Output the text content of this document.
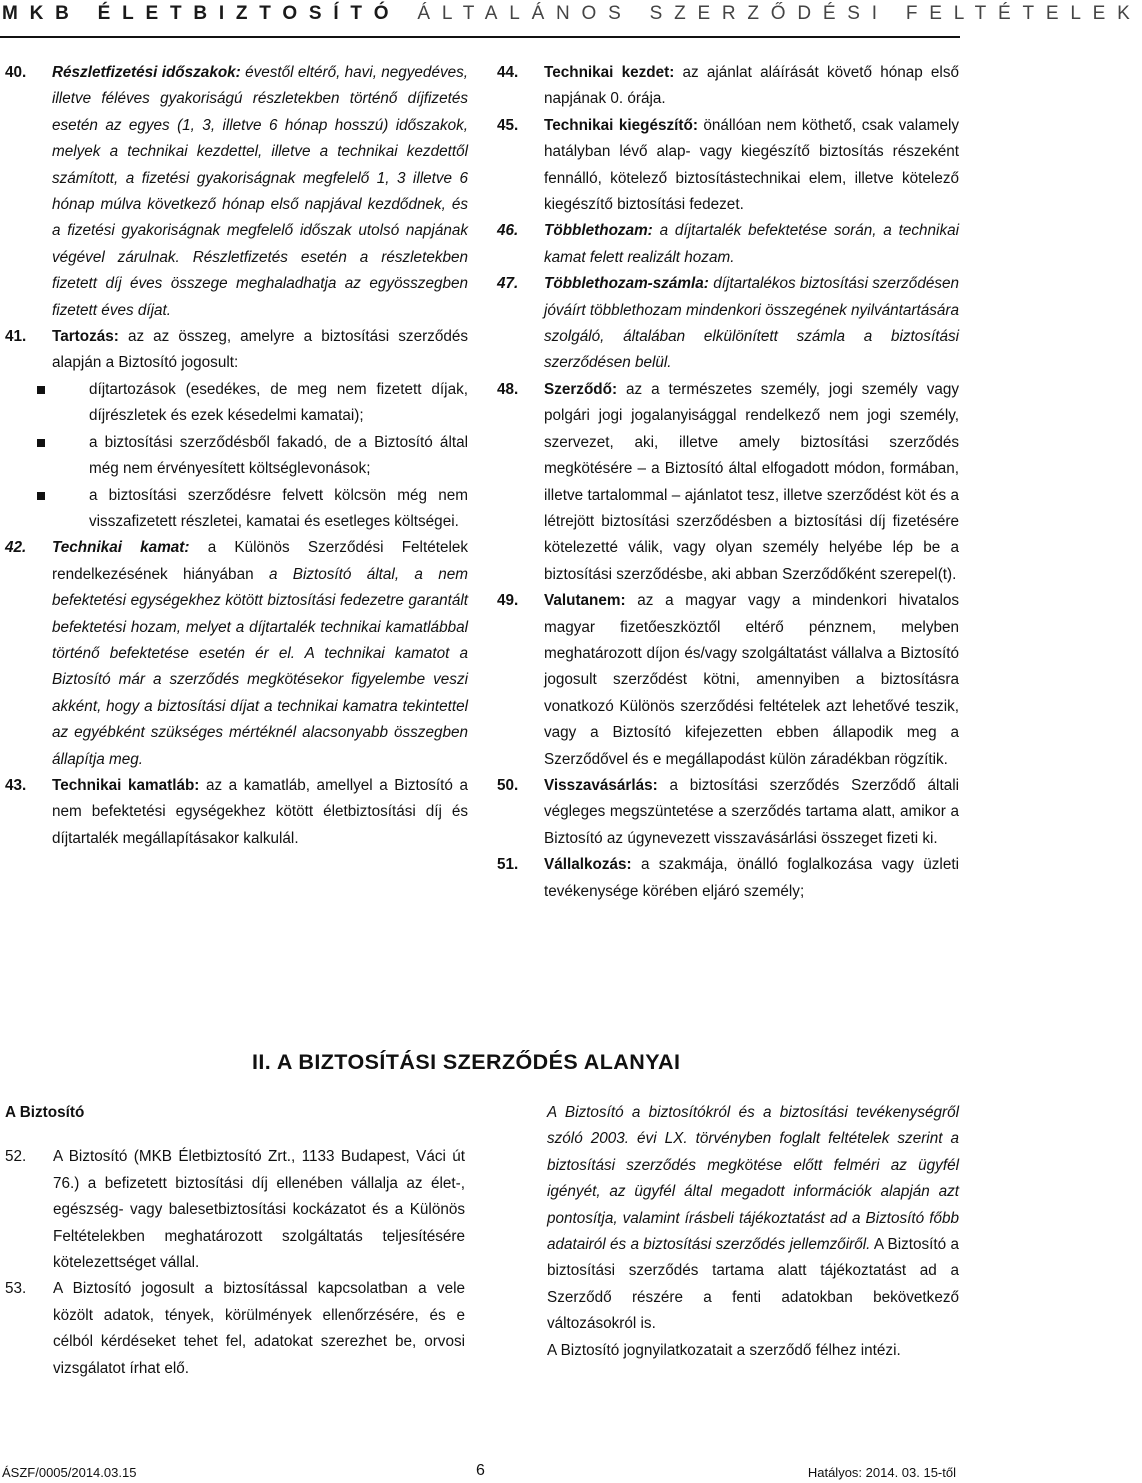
MKB ÉLETBIZTOSÍTÓ ÁLTALÁNOS SZERZŐDÉSI FELTÉTELEK
40. Részletfizetési időszakok: évestől eltérő, havi, negyedéves, illetve féléves gyakoriságú részletekben történő díjfizetés esetén az egyes (1, 3, illetve 6 hónap hosszú) időszakok, melyek a technikai kezdettel, illetve a technikai kezdettől számított, a fizetési gyakoriságnak megfelelő 1, 3 illetve 6 hónap múlva következő hónap első napjával kezdődnek, és a fizetési gyakoriságnak megfelelő időszak utolsó napjának végével zárulnak. Részletfizetés esetén a részletekben fizetett díj éves összege meghaladhatja az egyösszegben fizetett éves díjat.
41. Tartozás: az az összeg, amelyre a biztosítási szerződés alapján a Biztosító jogosult:
díjtartozások (esedékes, de meg nem fizetett díjak, díjrészletek és ezek késedelmi kamatai);
a biztosítási szerződésből fakadó, de a Biztosító által még nem érvényesített költséglevonások;
a biztosítási szerződésre felvett kölcsön még nem visszafizetett részletei, kamatai és esetleges költségei.
42. Technikai kamat: a Különös Szerződési Feltételek rendelkezésének hiányában a Biztosító által, a nem befektetési egységekhez kötött biztosítási fedezetre garantált befektetési hozam, melyet a díjtartalék technikai kamatlábbal történő befektetése esetén ér el. A technikai kamatot a Biztosító már a szerződés megkötésekor figyelembe veszi akként, hogy a biztosítási díjat a technikai kamatra tekintettel az egyébként szükséges mértéknél alacsonyabb összegben állapítja meg.
43. Technikai kamatláb: az a kamatláb, amellyel a Biztosító a nem befektetési egységekhez kötött életbiztosítási díj és díjtartalék megállapításakor kalkulál.
44. Technikai kezdet: az ajánlat aláírását követő hónap első napjának 0. órája.
45. Technikai kiegészítő: önállóan nem köthető, csak valamely hatályban lévő alap- vagy kiegészítő biztosítás részeként fennálló, kötelező biztosítástechnikai elem, illetve kötelező kiegészítő biztosítási fedezet.
46. Többlethozam: a díjtartalék befektetése során, a technikai kamat felett realizált hozam.
47. Többlethozam-számla: díjtartalékos biztosítási szerződésen jóváírt többlethozam mindenkori összegének nyilvántartására szolgáló, általában elkülönített számla a biztosítási szerződésen belül.
48. Szerződő: az a természetes személy, jogi személy vagy polgári jogi jogalanyisággal rendelkező nem jogi személy, szervezet, aki, illetve amely biztosítási szerződés megkötésére – a Biztosító által elfogadott módon, formában, illetve tartalommal – ajánlatot tesz, illetve szerződést köt és a létrejött biztosítási szerződésben a biztosítási díj fizetésére kötelezetté válik, vagy olyan személy helyébe lép be a biztosítási szerződésbe, aki abban Szerződőként szerepel(t).
49. Valutanem: az a magyar vagy a mindenkori hivatalos magyar fizetőeszköztől eltérő pénznem, melyben meghatározott díjon és/vagy szolgáltatást vállalva a Biztosító jogosult szerződést kötni, amennyiben a biztosításra vonatkozó Különös szerződési feltételek azt lehetővé teszik, vagy a Biztosító kifejezetten ebben állapodik meg a Szerződővel és e megállapodást külön záradékban rögzítik.
50. Visszavásárlás: a biztosítási szerződés Szerződő általi végleges megszüntetése a szerződés tartama alatt, amikor a Biztosító az úgynevezett visszavásárlási összeget fizeti ki.
51. Vállalkozás: a szakmája, önálló foglalkozása vagy üzleti tevékenysége körében eljáró személy;
II. A BIZTOSÍTÁSI SZERZŐDÉS ALANYAI
A Biztosító
52. A Biztosító (MKB Életbiztosító Zrt., 1133 Budapest, Váci út 76.) a befizetett biztosítási díj ellenében vállalja az élet-, egészség- vagy balesetbiztosítási kockázatot és a Különös Feltételekben meghatározott szolgáltatás teljesítésére kötelezettséget vállal.
53. A Biztosító jogosult a biztosítással kapcsolatban a vele közölt adatok, tények, körülmények ellenőrzésére, és e célból kérdéseket tehet fel, adatokat szerezhet be, orvosi vizsgálatot írhat elő.

A Biztosító a biztosítókról és a biztosítási tevékenységről szóló 2003. évi LX. törvényben foglalt feltételek szerint a biztosítási szerződés megkötése előtt felméri az ügyfél igényét, az ügyfél által megadott információk alapján azt pontosítja, valamint írásbeli tájékoztatást ad a Biztosító főbb adatairól és a biztosítási szerződés jellemzőiről. A Biztosító a biztosítási szerződés tartama alatt tájékoztatást ad a Szerződő részére a fenti adatokban bekövetkező változásokról is.

A Biztosító jognyilatkozatait a szerződő félhez intézi.

ÁSZF/0005/2014.03.15	6	Hatályos: 2014. 03. 15-től
